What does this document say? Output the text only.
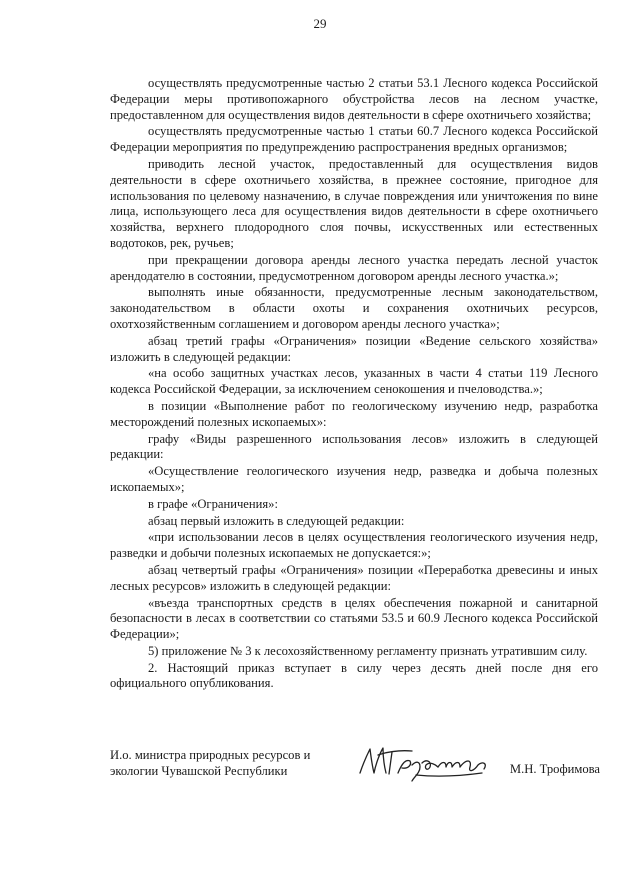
29

осуществлять предусмотренные частью 2 статьи 53.1 Лесного кодекса Российской Федерации меры противопожарного обустройства лесов на лесном участке, предоставленном для осуществления видов деятельности в сфере охотничьего хозяйства;

осуществлять предусмотренные частью 1 статьи 60.7 Лесного кодекса Российской Федерации мероприятия по предупреждению распространения вредных организмов;

приводить лесной участок, предоставленный для осуществления видов деятельности в сфере охотничьего хозяйства, в прежнее состояние, пригодное для использования по целевому назначению, в случае повреждения или уничтожения по вине лица, использующего леса для осуществления видов деятельности в сфере охотничьего хозяйства, верхнего плодородного слоя почвы, искусственных или естественных водотоков, рек, ручьев;

при прекращении договора аренды лесного участка передать лесной участок арендодателю в состоянии, предусмотренном договором аренды лесного участка.»;

выполнять иные обязанности, предусмотренные лесным законодательством, законодательством в области охоты и сохранения охотничьих ресурсов, охотхозяйственным соглашением и договором аренды лесного участка»;

абзац третий графы «Ограничения» позиции «Ведение сельского хозяйства» изложить в следующей редакции:

«на особо защитных участках лесов, указанных в части 4 статьи 119 Лесного кодекса Российской Федерации, за исключением сенокошения и пчеловодства.»;

в позиции «Выполнение работ по геологическому изучению недр, разработка месторождений полезных ископаемых»:

графу «Виды разрешенного использования лесов» изложить в следующей редакции:

«Осуществление геологического изучения недр, разведка и добыча полезных ископаемых»;

в графе «Ограничения»:

абзац первый изложить в следующей редакции:

«при использовании лесов в целях осуществления геологического изучения недр, разведки и добычи полезных ископаемых не допускается:»;

абзац четвертый графы «Ограничения» позиции «Переработка древесины и иных лесных ресурсов» изложить в следующей редакции:

«въезда транспортных средств в целях обеспечения пожарной и санитарной безопасности в лесах в соответствии со статьями 53.5 и 60.9 Лесного кодекса Российской Федерации»;

5) приложение № 3 к лесохозяйственному регламенту признать утратившим силу.

2. Настоящий приказ вступает в силу через десять дней после дня его официального опубликования.

И.о. министра природных ресурсов и
экологии Чувашской Республики	М.Н. Трофимова
